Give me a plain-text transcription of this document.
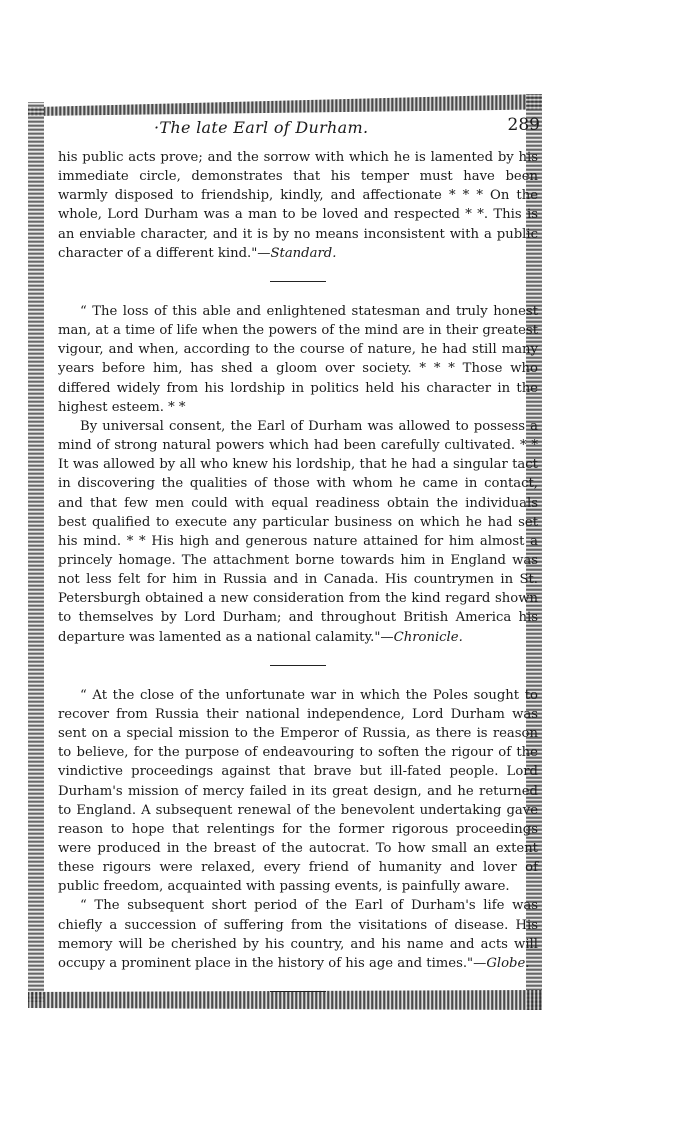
·The late Earl of Durham.	289

his public acts prove; and the sorrow with which he is lamented by his immediate circle, demonstrates that his temper must have been warmly disposed to friendship, kindly, and affectionate * * * On the whole, Lord Durham was a man to be loved and respected * *. This is an enviable character, and it is by no means inconsistent with a public character of a different kind."—Standard.

“ The loss of this able and enlightened statesman and truly honest man, at a time of life when the powers of the mind are in their greatest vigour, and when, according to the course of nature, he had still many years before him, has shed a gloom over society. * * * Those who differed widely from his lordship in politics held his character in the highest esteem. * *

By universal consent, the Earl of Durham was allowed to possess a mind of strong natural powers which had been carefully cultivated. * * It was allowed by all who knew his lordship, that he had a singular tact in discovering the qualities of those with whom he came in contact, and that few men could with equal readiness obtain the individuals best qualified to execute any particular business on which he had set his mind. * * His high and generous nature attained for him almost a princely homage. The attachment borne towards him in England was not less felt for him in Russia and in Canada. His countrymen in St. Petersburgh obtained a new consideration from the kind regard shown to themselves by Lord Durham; and throughout British America his departure was lamented as a national calamity."—Chronicle.

“ At the close of the unfortunate war in which the Poles sought to recover from Russia their national independence, Lord Durham was sent on a special mission to the Emperor of Russia, as there is reason to believe, for the purpose of endeavouring to soften the rigour of the vindictive proceedings against that brave but ill-fated people. Lord Durham's mission of mercy failed in its great design, and he returned to England. A subsequent renewal of the benevolent undertaking gave reason to hope that relentings for the former rigorous proceedings were produced in the breast of the autocrat. To how small an extent these rigours were relaxed, every friend of humanity and lover of public freedom, acquainted with passing events, is painfully aware.

“ The subsequent short period of the Earl of Durham's life was chiefly a succession of suffering from the visitations of disease. His memory will be cherished by his country, and his name and acts will occupy a prominent place in the history of his age and times."—Globe.
